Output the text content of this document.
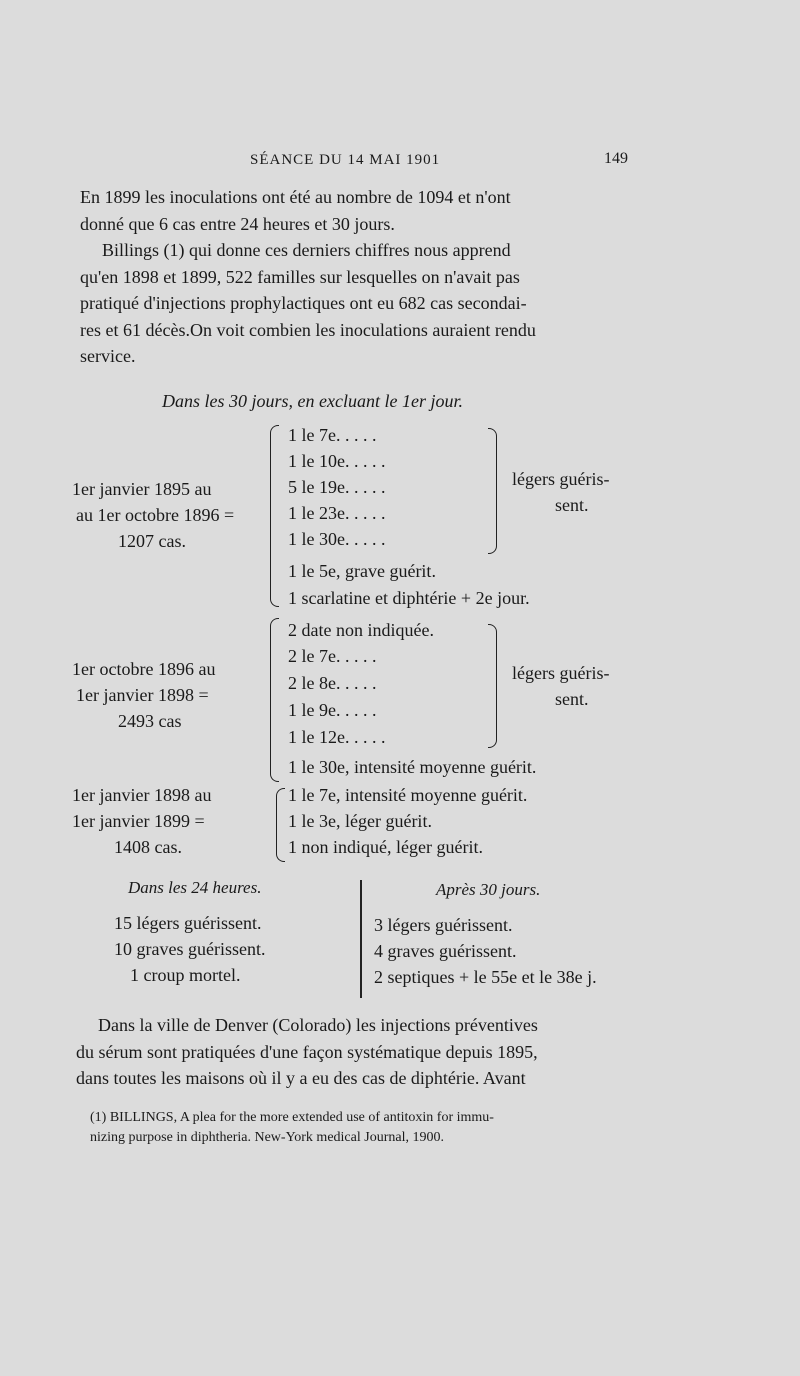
SÉANCE DU 14 MAI 1901	149
En 1899 les inoculations ont été au nombre de 1094 et n'ont
donné que 6 cas entre 24 heures et 30 jours.
Billings (1) qui donne ces derniers chiffres nous apprend
qu'en 1898 et 1899, 522 familles sur lesquelles on n'avait pas
pratiqué d'injections prophylactiques ont eu 682 cas secondai-
res et 61 décès.On voit combien les inoculations auraient rendu
service.
Dans les 30 jours, en excluant le 1er jour.
1er janvier 1895 au
au 1er octobre 1896 =
1207 cas.
1 le 7e. . . . .
1 le 10e. . . . .
5 le 19e. . . . .
1 le 23e. . . . .
1 le 30e. . . . .
légers guéris-
sent.
1 le 5e, grave guérit.
1 scarlatine et diphtérie + 2e jour.
1er octobre 1896 au
1er janvier 1898 =
2493 cas
2 date non indiquée.
2 le 7e. . . . .
2 le 8e. . . . .
1 le 9e. . . . .
1 le 12e. . . . .
légers guéris-
sent.
1 le 30e, intensité moyenne guérit.
1er janvier 1898 au
1er janvier 1899 =
1408 cas.
1 le 7e, intensité moyenne guérit.
1 le 3e, léger guérit.
1 non indiqué, léger guérit.
Dans les 24 heures.
15 légers guérissent.
10 graves guérissent.
1 croup mortel.
Après 30 jours.
3 légers guérissent.
4 graves guérissent.
2 septiques + le 55e et le 38e j.
Dans la ville de Denver (Colorado) les injections préventives
du sérum sont pratiquées d'une façon systématique depuis 1895,
dans toutes les maisons où il y a eu des cas de diphtérie. Avant
(1) BILLINGS, A plea for the more extended use of antitoxin for immu-
nizing purpose in diphtheria. New-York medical Journal, 1900.
